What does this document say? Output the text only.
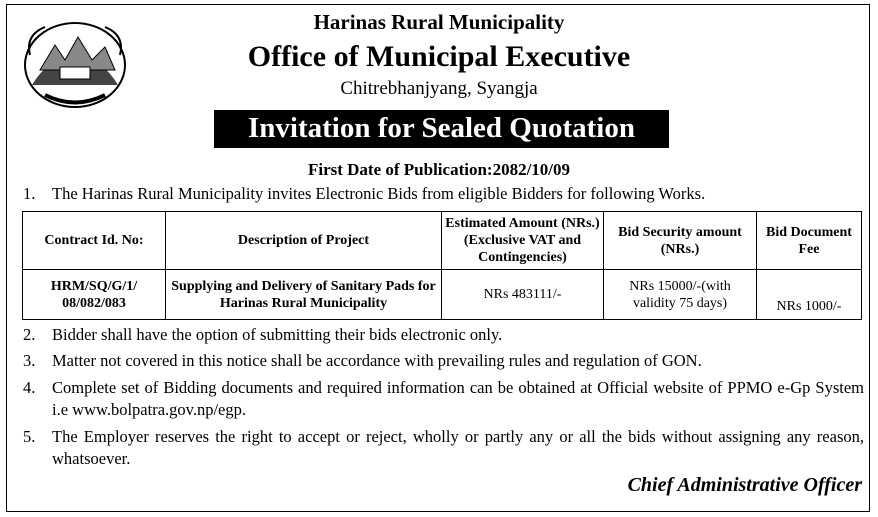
Harinas Rural Municipality
Office of Municipal Executive
Chitrebhanjyang, Syangja
Invitation for Sealed Quotation
First Date of Publication:2082/10/09
1.	The Harinas Rural Municipality invites Electronic Bids from eligible Bidders for following Works.
Contract Id. No:	Description of Project	Estimated Amount (NRs.) (Exclusive VAT and Contingencies)	Bid Security amount (NRs.)	Bid Document Fee
HRM/SQ/G/1/ 08/082/083	Supplying and Delivery of Sanitary Pads for Harinas Rural Municipality	NRs 483111/-	NRs 15000/-(with validity 75 days)	NRs 1000/-
2.	Bidder shall have the option of submitting their bids electronic only.
3.	Matter not covered in this notice shall be accordance with prevailing rules and regulation of GON.
4.	Complete set of Bidding documents and required information can be obtained at Official website of PPMO e-Gp System i.e www.bolpatra.gov.np/egp.
5.	The Employer reserves the right to accept or reject, wholly or partly any or all the bids without assigning any reason, whatsoever.
Chief Administrative Officer
